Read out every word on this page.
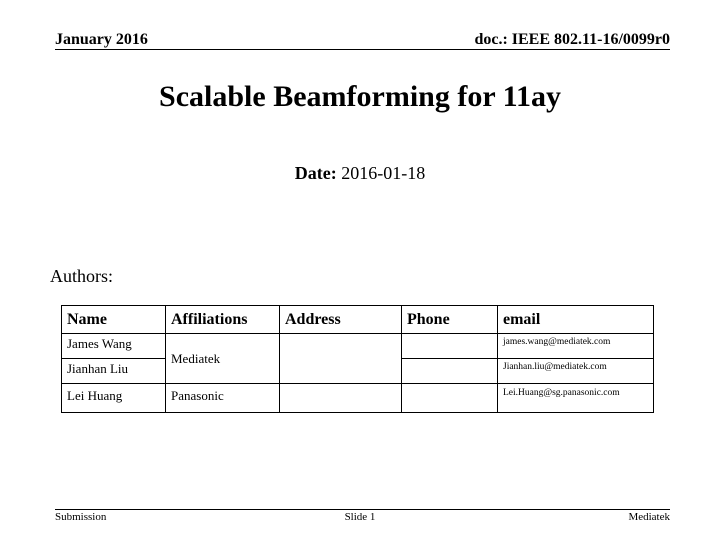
January 2016	doc.: IEEE 802.11-16/0099r0
Scalable Beamforming for 11ay
Date: 2016-01-18
Authors:
Name	Affiliations	Address	Phone	email
James Wang	Mediatek			james.wang@mediatek.com
Jianhan Liu				Jianhan.liu@mediatek.com
Lei Huang	Panasonic			Lei.Huang@sg.panasonic.com
Submission	Slide 1	Mediatek
